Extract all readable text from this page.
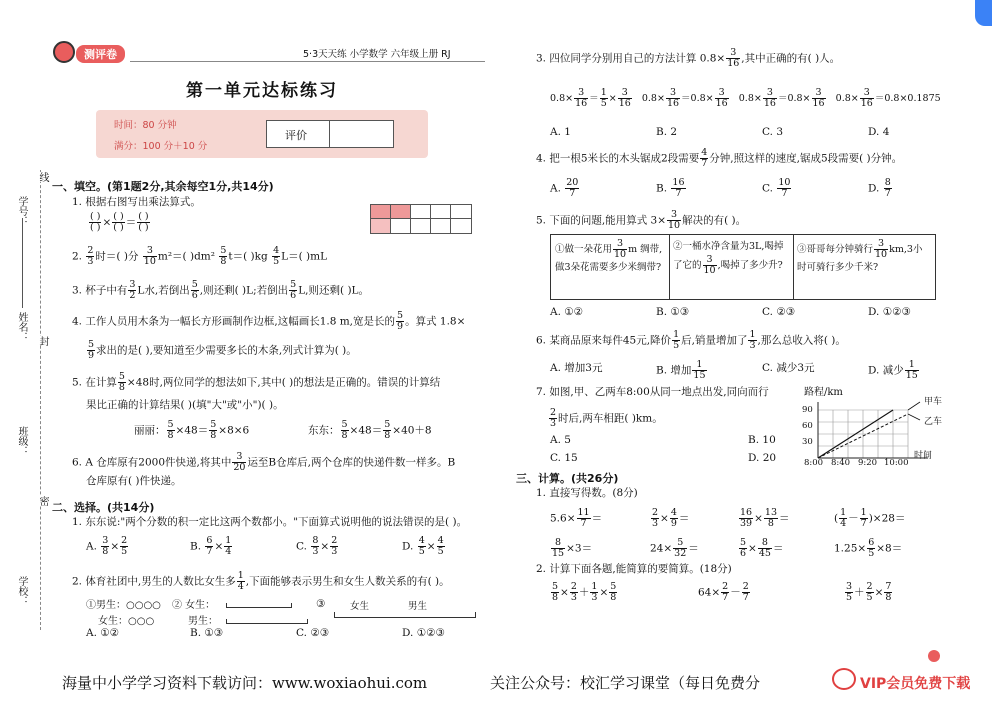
学号：
姓名：
班级：
学校：
线
封
密
测评卷	5·3天天练 小学数学 六年级上册 RJ
第一单元达标练习
时间：80 分钟
满分：100 分＋10 分
评价
一、填空。(第1题2分,其余每空1分,共14分)
1. 根据右图写出乘法算式。
$\frac{( )}{( )} \times \frac{( )}{( )} = \frac{( )}{( )}$
2. $\frac{2}{3}$ 时＝( )分 $\frac{3}{10} m^2=$( )$dm^2 \frac{5}{8} t=$( )$kg \frac{4}{5} L=$( )mL
3. 杯子中有 $\frac{3}{2}$ L水,若倒出 $\frac{5}{6}$ ,则还剩( )L;若倒出 $\frac{5}{6} L$,则还剩( )L。
4. 工作人员用木条为一幅长方形画制作边框,这幅画长1.8 m,宽是长的 $\frac{5}{9}$ 。算式 1.8×
$\frac{5}{9}$ 求出的是( ),要知道至少需要多长的木条,列式计算为( )。
5. 在计算 $\frac{5}{8} \times 48$时,两位同学的想法如下,其中( )的想法是正确的。错误的计算结
果比正确的计算结果( )(填"大"或"小")( )。
丽丽： $\frac{5}{8} \times 48= \frac{5}{8} \times 8\times 6$	东东： $\frac{5}{8} \times 48= \frac{5}{8} \times 40+8$
6. A 仓库原有2000件快递,将其中 $\frac{3}{20}$ 运至B仓库后,两个仓库的快递件数一样多。B
仓库原有( )件快递。
二、选择。(共14分)
1. 东东说:"两个分数的积一定比这两个数都小。"下面算式说明他的说法错误的是( )。
A. $\frac{3}{8} \times \frac{2}{5}$	B. $\frac{6}{7} \times \frac{1}{4}$	C. $\frac{8}{3} \times \frac{2}{3}$	D. $\frac{4}{5} \times \frac{4}{5}$
2. 体育社团中,男生的人数比女生多 $\frac{1}{4}$ ,下面能够表示男生和女生人数关系的有( )。
①男生：○○○○
女生：○○○
② 女生：
男生：
③	女生	男生
A. ①②	B. ①③	C. ②③	D. ①②③
3. 四位同学分别用自己的方法计算 $0.8\times \frac{3}{16}$ ,其中正确的有( )人。
$0.8\times \frac{3}{16} = \frac{1}{5} \times \frac{3}{16} 0.8\times \frac{3}{16} =0.8\times \frac{3}{16} 0.8\times \frac{3}{16} =0.8\times \frac{3}{16} 0.8\times \frac{3}{16} =0.8\times 0.1875$
A. 1	B. 2	C. 3	D. 4
4. 把一根5米长的木头锯成2段需要 $\frac{4}{7}$ 分钟,照这样的速度,锯成5段需要( )分钟。
A. $\frac{20}{7}$	B. $\frac{16}{7}$	C. $\frac{10}{7}$	D. $\frac{8}{7}$
5. 下面的问题,能用算式 $3\times \frac{3}{10}$ 解决的有( )。
①做一朵花用 $\frac{3}{10}$ m 绸带,做3朵花需要多少米绸带?
②一桶水净含量为3L,喝掉了它的 $\frac{3}{10}$ ,喝掉了多少升?
③哥哥每分钟骑行 $\frac{3}{10} km,3$小时可骑行多少千米?
A. ①②	B. ①③	C. ②③	D. ①②③
6. 某商品原来每件45元,降价 $\frac{1}{5}$ 后,销量增加了 $\frac{1}{3}$ ,那么总收入将( )。
A. 增加3元	B. 增加 $\frac{1}{15}$	C. 减少3元	D. 减少 $\frac{1}{15}$
7. 如图,甲、乙两车8:00从同一地点出发,同向而行
$\frac{2}{3}$ 时后,两车相距( )km。
A. 5	B. 10
C. 15	D. 20
路程/km
90
60
30
甲车
乙车
时间
8:00 8:40 9:20 10:00
三、计算。(共26分)
1. 直接写得数。(8分)
$5.6\times \frac{11}{7}$ ＝	$\frac{2}{3} \times \frac{4}{9}$ ＝	$\frac{16}{39} \times \frac{13}{8}$ ＝	( $\frac{1}{4} - \frac{1}{7} )\times 28=$
$\frac{8}{15} \times 3=$	$24\times \frac{5}{32}$ ＝	$\frac{5}{6} \times \frac{8}{45}$ ＝	$1.25\times \frac{6}{5} \times 8=$
2. 计算下面各题,能简算的要简算。(18分)
$\frac{5}{8} \times \frac{2}{3} + \frac{1}{3} \times \frac{5}{8}$	$64\times \frac{2}{7} - \frac{2}{7}$	$\frac{3}{5} + \frac{2}{5} \times \frac{7}{8}$
海量中小学学习资料下载访问：www.woxiaohui.com	关注公众号：校汇学习课堂（每日免费分	VIP会员免费下载
